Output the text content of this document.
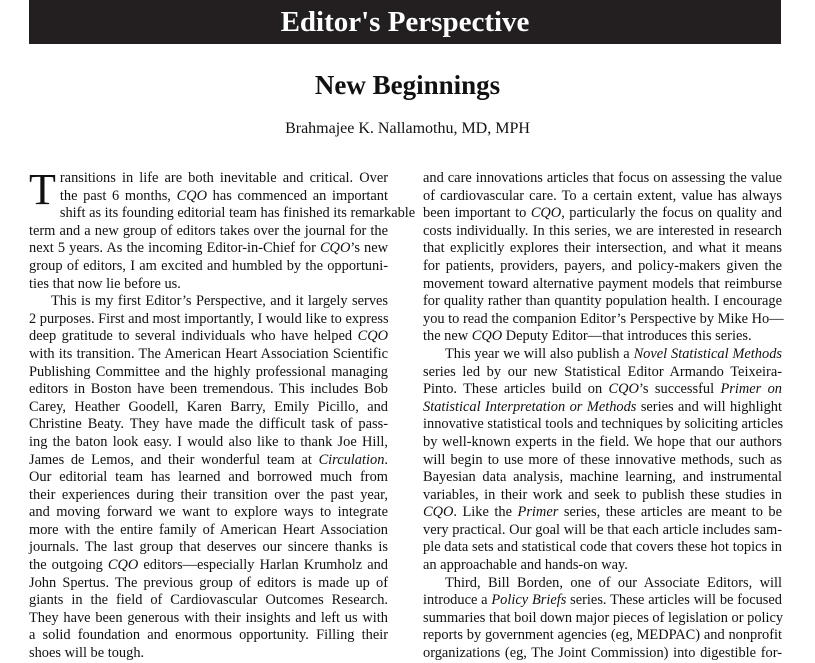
Editor's Perspective
New Beginnings
Brahmajee K. Nallamothu, MD, MPH
T ransitions in life are both inevitable and critical. Over
the past 6 months, CQO has commenced an important
shift as its founding editorial team has finished its remarkable
term and a new group of editors takes over the journal for the
next 5 years. As the incoming Editor-in-Chief for CQO’s new
group of editors, I am excited and humbled by the opportuni-
ties that now lie before us.
This is my first Editor’s Perspective, and it largely serves
2 purposes. First and most importantly, I would like to express
deep gratitude to several individuals who have helped CQO
with its transition. The American Heart Association Scientific
Publishing Committee and the highly professional managing
editors in Boston have been tremendous. This includes Bob
Carey, Heather Goodell, Karen Barry, Emily Picillo, and
Christine Beaty. They have made the difficult task of pass-
ing the baton look easy. I would also like to thank Joe Hill,
James de Lemos, and their wonderful team at Circulation.
Our editorial team has learned and borrowed much from
their experiences during their transition over the past year,
and moving forward we want to explore ways to integrate
more with the entire family of American Heart Association
journals. The last group that deserves our sincere thanks is
the outgoing CQO editors—especially Harlan Krumholz and
John Spertus. The previous group of editors is made up of
giants in the field of Cardiovascular Outcomes Research.
They have been generous with their insights and left us with
a solid foundation and enormous opportunity. Filling their
shoes will be tough.
and care innovations articles that focus on assessing the value
of cardiovascular care. To a certain extent, value has always
been important to CQO, particularly the focus on quality and
costs individually. In this series, we are interested in research
that explicitly explores their intersection, and what it means
for patients, providers, payers, and policy-makers given the
movement toward alternative payment models that reimburse
for quality rather than quantity population health. I encourage
you to read the companion Editor’s Perspective by Mike Ho—
the new CQO Deputy Editor—that introduces this series.
This year we will also publish a Novel Statistical Methods
series led by our new Statistical Editor Armando Teixeira-
Pinto. These articles build on CQO’s successful Primer on
Statistical Interpretation or Methods series and will highlight
innovative statistical tools and techniques by soliciting articles
by well-known experts in the field. We hope that our authors
will begin to use more of these innovative methods, such as
Bayesian data analysis, machine learning, and instrumental
variables, in their work and seek to publish these studies in
CQO. Like the Primer series, these articles are meant to be
very practical. Our goal will be that each article includes sam-
ple data sets and statistical code that covers these hot topics in
an approachable and hands-on way.
Third, Bill Borden, one of our Associate Editors, will
introduce a Policy Briefs series. These articles will be focused
summaries that boil down major pieces of legislation or policy
reports by government agencies (eg, MEDPAC) and nonprofit
organizations (eg, The Joint Commission) into digestible for-
